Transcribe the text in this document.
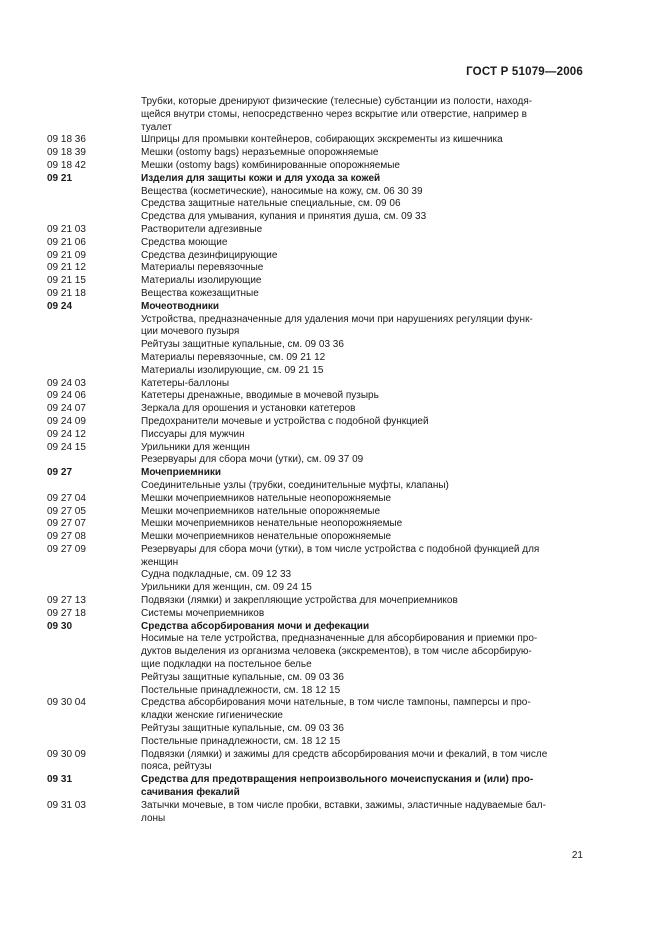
ГОСТ Р 51079—2006
Трубки, которые дренируют физические (телесные) субстанции из полости, находя-
щейся внутри стомы, непосредственно через вскрытие или отверстие, например в
туалет
09 18 36	Шприцы для промывки контейнеров, собирающих экскременты из кишечника
09 18 39	Мешки (ostomy bags) неразъемные опорожняемые
09 18 42	Мешки (ostomy bags) комбинированные опорожняемые
09 21	Изделия для защиты кожи и для ухода за кожей
Вещества (косметические), наносимые на кожу, см. 06 30 39
Средства защитные нательные специальные, см. 09 06
Средства для умывания, купания и принятия душа, см. 09 33
09 21 03	Растворители адгезивные
09 21 06	Средства моющие
09 21 09	Средства дезинфицирующие
09 21 12	Материалы перевязочные
09 21 15	Материалы изолирующие
09 21 18	Вещества кожезащитные
09 24	Мочеотводники
Устройства, предназначенные для удаления мочи при нарушениях регуляции функ-
ции мочевого пузыря
Рейтузы защитные купальные, см. 09 03 36
Материалы перевязочные, см. 09 21 12
Материалы изолирующие, см. 09 21 15
09 24 03	Катетеры-баллоны
09 24 06	Катетеры дренажные, вводимые в мочевой пузырь
09 24 07	Зеркала для орошения и установки катетеров
09 24 09	Предохранители мочевые и устройства с подобной функцией
09 24 12	Писсуары для мужчин
09 24 15	Урильники для женщин
Резервуары для сбора мочи (утки), см. 09 37 09
09 27	Мочеприемники
Соединительные узлы (трубки, соединительные муфты, клапаны)
09 27 04	Мешки мочеприемников нательные неопорожняемые
09 27 05	Мешки мочеприемников нательные опорожняемые
09 27 07	Мешки мочеприемников ненательные неопорожняемые
09 27 08	Мешки мочеприемников ненательные опорожняемые
09 27 09	Резервуары для сбора мочи (утки), в том числе устройства с подобной функцией для
женщин
Судна подкладные, см. 09 12 33
Урильники для женщин, см. 09 24 15
09 27 13	Подвязки (лямки) и закрепляющие устройства для мочеприемников
09 27 18	Системы мочеприемников
09 30	Средства абсорбирования мочи и дефекации
Носимые на теле устройства, предназначенные для абсорбирования и приемки про-
дуктов выделения из организма человека (экскрементов), в том числе абсорбирую-
щие подкладки на постельное белье
Рейтузы защитные купальные, см. 09 03 36
Постельные принадлежности, см. 18 12 15
09 30 04	Средства абсорбирования мочи нательные, в том числе тампоны, памперсы и про-
кладки женские гигиенические
Рейтузы защитные купальные, см. 09 03 36
Постельные принадлежности, см. 18 12 15
09 30 09	Подвязки (лямки) и зажимы для средств абсорбирования мочи и фекалий, в том числе
пояса, рейтузы
09 31	Средства для предотвращения непроизвольного мочеиспускания и (или) про-
сачивания фекалий
09 31 03	Затычки мочевые, в том числе пробки, вставки, зажимы, эластичные надуваемые бал-
лоны
21
